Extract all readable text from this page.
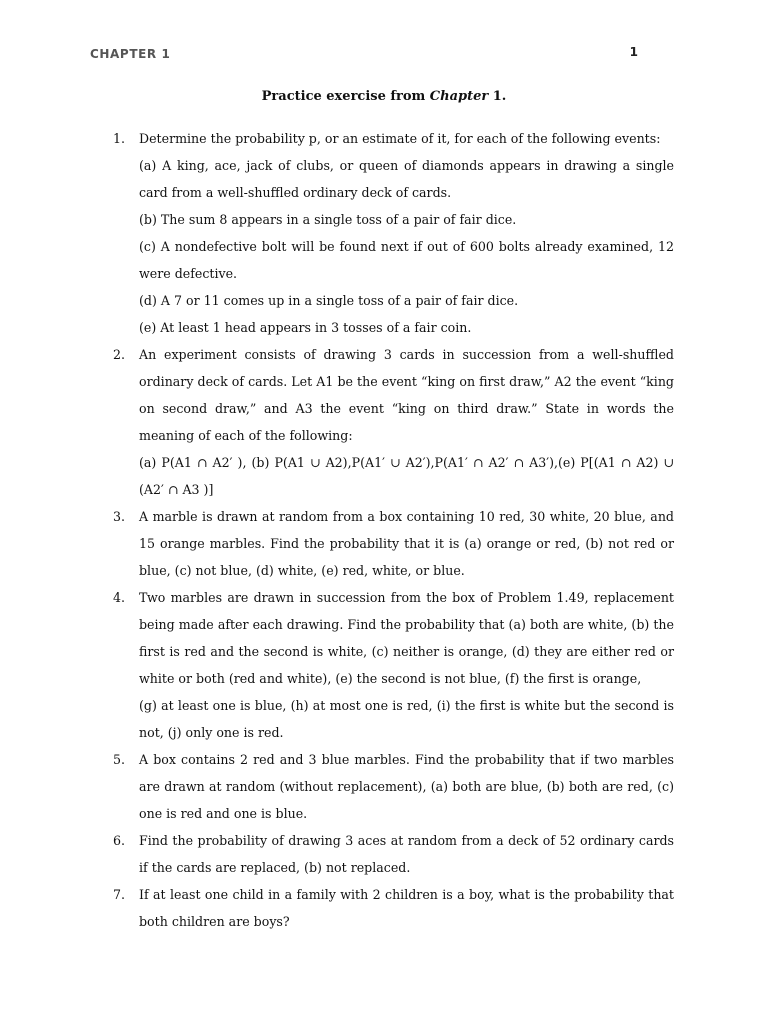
CHAPTER 1	1
Practice exercise from Chapter 1.
1. Determine the probability p, or an estimate of it, for each of the following events:
(a) A king, ace, jack of clubs, or queen of diamonds appears in drawing a single card from a well-shuffled ordinary deck of cards.
(b) The sum 8 appears in a single toss of a pair of fair dice.
(c) A nondefective bolt will be found next if out of 600 bolts already examined, 12 were defective.
(d) A 7 or 11 comes up in a single toss of a pair of fair dice.
(e) At least 1 head appears in 3 tosses of a fair coin.
2. An experiment consists of drawing 3 cards in succession from a well-shuffled ordinary deck of cards. Let A1 be the event “king on first draw,” A2 the event “king on second draw,” and A3 the event “king on third draw.” State in words the meaning of each of the following:
(a) P(A1 ∩ A2′ ), (b) P(A1 ∪ A2),P(A1′ ∪ A2′),P(A1′ ∩ A2′ ∩ A3′),(e) P[(A1 ∩ A2) ∪ (A2′ ∩ A3 )]
3. A marble is drawn at random from a box containing 10 red, 30 white, 20 blue, and 15 orange marbles. Find the probability that it is (a) orange or red, (b) not red or blue, (c) not blue, (d) white, (e) red, white, or blue.
4. Two marbles are drawn in succession from the box of Problem 1.49, replacement being made after each drawing. Find the probability that (a) both are white, (b) the first is red and the second is white, (c) neither is orange, (d) they are either red or white or both (red and white), (e) the second is not blue, (f) the first is orange,
(g) at least one is blue, (h) at most one is red, (i) the first is white but the second is not, (j) only one is red.
5. A box contains 2 red and 3 blue marbles. Find the probability that if two marbles are drawn at random (without replacement), (a) both are blue, (b) both are red, (c) one is red and one is blue.
6. Find the probability of drawing 3 aces at random from a deck of 52 ordinary cards if the cards are replaced, (b) not replaced.
7. If at least one child in a family with 2 children is a boy, what is the probability that both children are boys?
